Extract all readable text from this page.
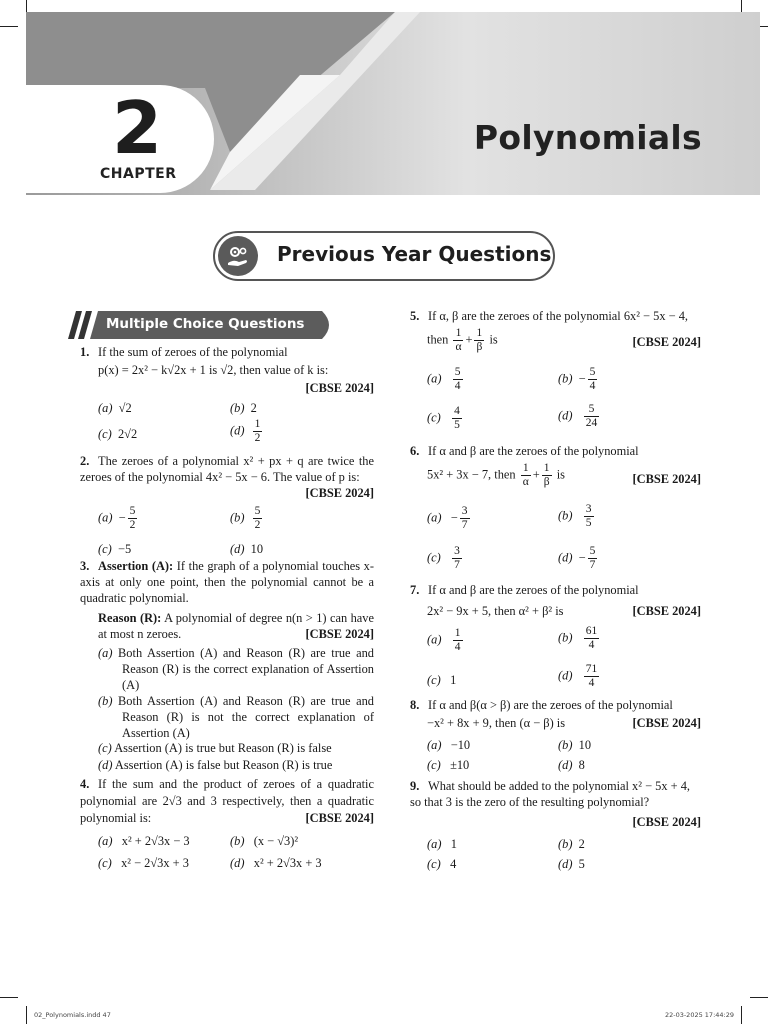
2
CHAPTER
Polynomials
Previous Year Questions
Multiple Choice Questions
1. If the sum of zeroes of the polynomial
p(x) = 2x² − k√2x + 1 is √2, then value of k is:
[CBSE 2024]
(a) √2	(b) 2
(c) 2√2	$(d) \frac{1}{2}$
2. The zeroes of a polynomial x² + px + q are twice the zeroes of the polynomial 4x² − 5x − 6. The value of p is:
[CBSE 2024]
$(a) - \frac{5}{2}$	$(b) \frac{5}{2}$
(c) −5	(d) 10
3. Assertion (A): If the graph of a polynomial touches x-axis at only one point, then the polynomial cannot be a quadratic polynomial.
Reason (R): A polynomial of degree n(n > 1) can have at most n zeroes.	[CBSE 2024]
(a) Both Assertion (A) and Reason (R) are true and Reason (R) is the correct explanation of Assertion (A)
(b) Both Assertion (A) and Reason (R) are true and Reason (R) is not the correct explanation of Assertion (A)
(c) Assertion (A) is true but Reason (R) is false
(d) Assertion (A) is false but Reason (R) is true
4. If the sum and the product of zeroes of a quadratic polynomial are 2√3 and 3 respectively, then a quadratic polynomial is:	[CBSE 2024]
(a) x² + 2√3x − 3	(b) (x − √3)²
(c) x² − 2√3x + 3	(d) x² + 2√3x + 3
5. If α, β are the zeroes of the polynomial 6x² − 5x − 4,
then $\frac{1}{\alpha} + \frac{1}{\beta}$ is	[CBSE 2024]
$(a) \frac{5}{4}$	$(b) - \frac{5}{4}$
$(c) \frac{4}{5}$	$(d) \frac{5}{24}$
6. If α and β are the zeroes of the polynomial
5x² + 3x − 7, then $\frac{1}{\alpha} + \frac{1}{\beta}$ is	[CBSE 2024]
$(a) - \frac{3}{7}$	$(b) \frac{3}{5}$
$(c) \frac{3}{7}$	$(d) - \frac{5}{7}$
7. If α and β are the zeroes of the polynomial
2x² − 9x + 5, then α² + β² is	[CBSE 2024]
$(a) \frac{1}{4}$	$(b) \frac{61}{4}$
(c) 1	$(d) \frac{71}{4}$
8. If α and β(α > β) are the zeroes of the polynomial
−x² + 8x + 9, then (α − β) is	[CBSE 2024]
(a) −10	(b) 10
(c) ±10	(d) 8
9. What should be added to the polynomial x² − 5x + 4, so that 3 is the zero of the resulting polynomial?
[CBSE 2024]
(a) 1	(b) 2
(c) 4	(d) 5
02_Polynomials.indd 47	22-03-2025 17:44:29
